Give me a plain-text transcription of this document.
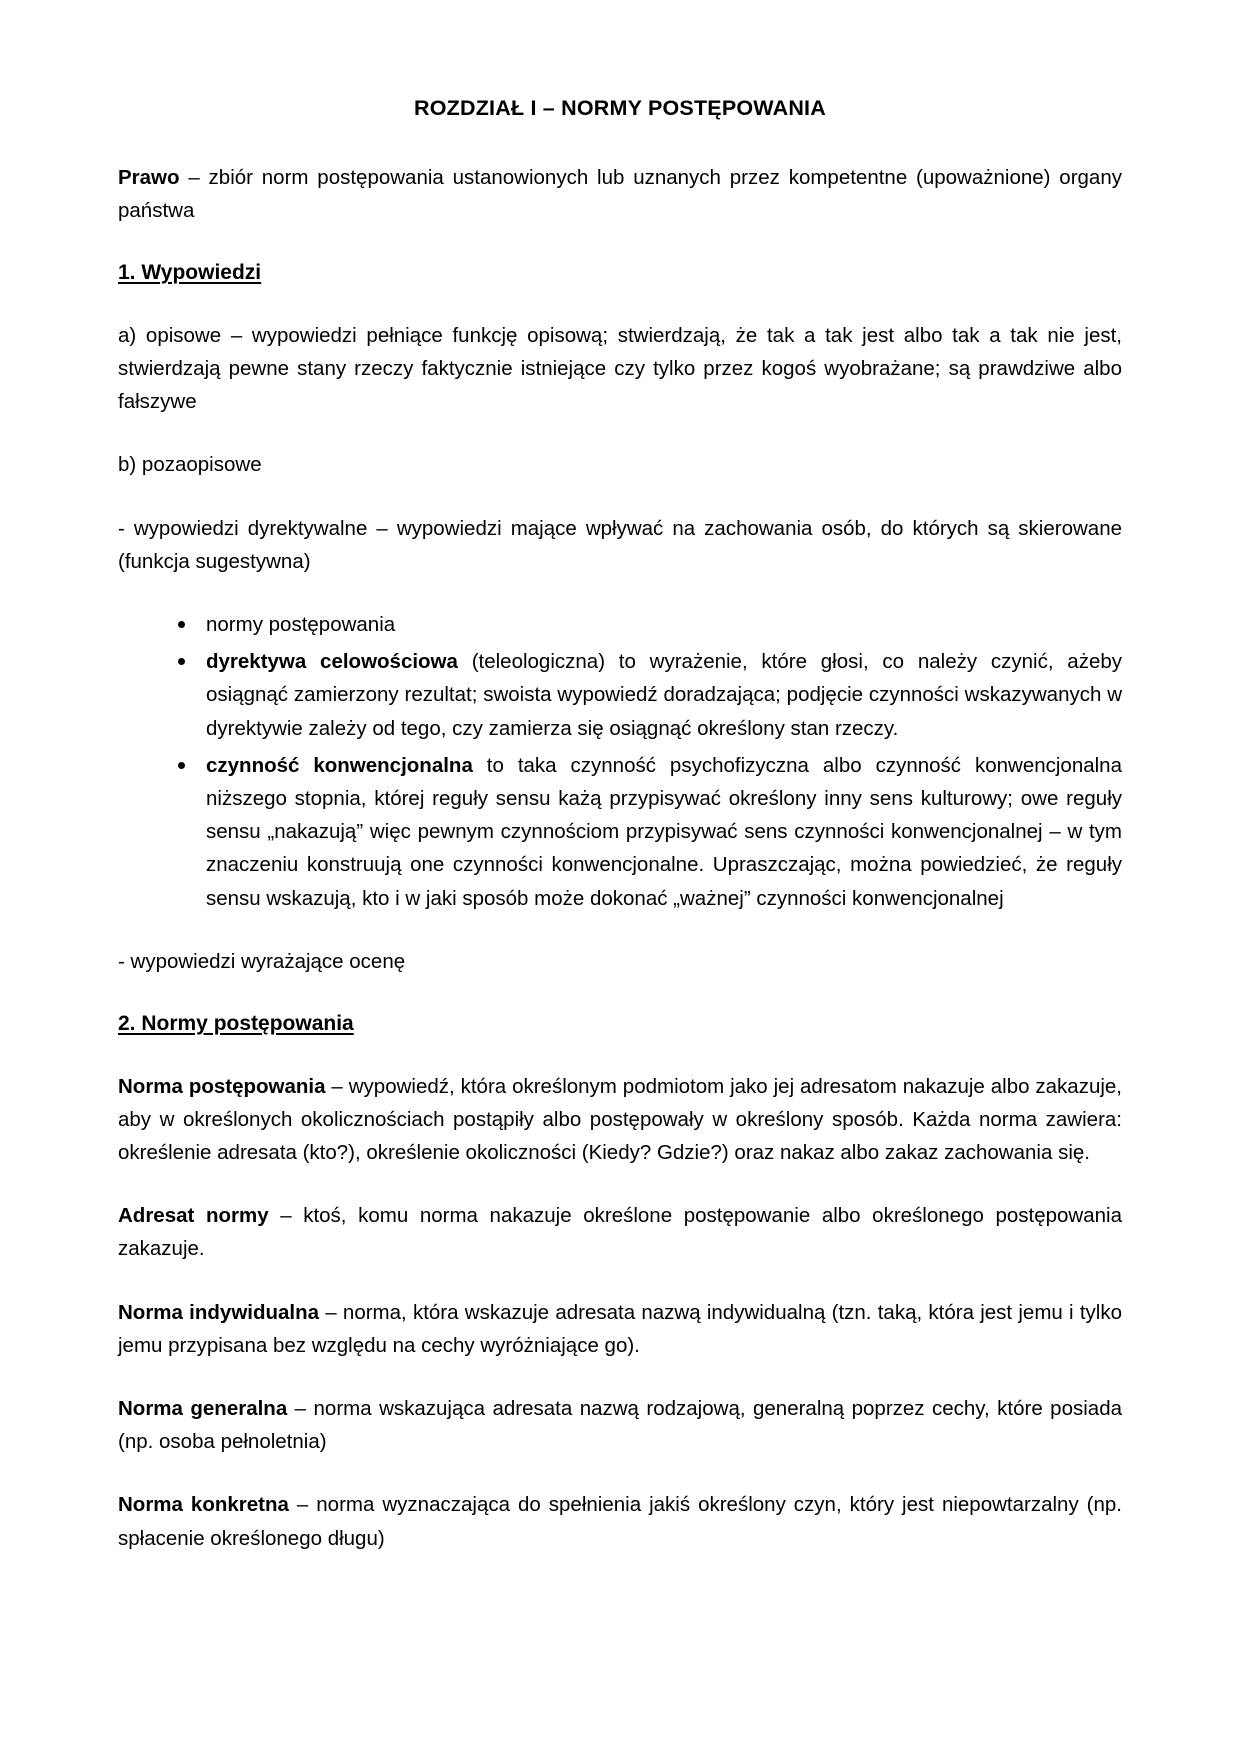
ROZDZIAŁ I – NORMY POSTĘPOWANIA

Prawo – zbiór norm postępowania ustanowionych lub uznanych przez kompetentne (upoważnione) organy państwa

1. Wypowiedzi

a) opisowe – wypowiedzi pełniące funkcję opisową; stwierdzają, że tak a tak jest albo tak a tak nie jest, stwierdzają pewne stany rzeczy faktycznie istniejące czy tylko przez kogoś wyobrażane; są prawdziwe albo fałszywe

b) pozaopisowe

- wypowiedzi dyrektywalne – wypowiedzi mające wpływać na zachowania osób, do których są skierowane (funkcja sugestywna)

normy postępowania
dyrektywa celowościowa (teleologiczna) to wyrażenie, które głosi, co należy czynić, ażeby osiągnąć zamierzony rezultat; swoista wypowiedź doradzająca; podjęcie czynności wskazywanych w dyrektywie zależy od tego, czy zamierza się osiągnąć określony stan rzeczy.
czynność konwencjonalna to taka czynność psychofizyczna albo czynność konwencjonalna niższego stopnia, której reguły sensu każą przypisywać określony inny sens kulturowy; owe reguły sensu „nakazują” więc pewnym czynnościom przypisywać sens czynności konwencjonalnej – w tym znaczeniu konstruują one czynności konwencjonalne. Upraszczając, można powiedzieć, że reguły sensu wskazują, kto i w jaki sposób może dokonać „ważnej” czynności konwencjonalnej

- wypowiedzi wyrażające ocenę

2. Normy postępowania

Norma postępowania – wypowiedź, która określonym podmiotom jako jej adresatom nakazuje albo zakazuje, aby w określonych okolicznościach postąpiły albo postępowały w określony sposób. Każda norma zawiera: określenie adresata (kto?), określenie okoliczności (Kiedy? Gdzie?) oraz nakaz albo zakaz zachowania się.

Adresat normy – ktoś, komu norma nakazuje określone postępowanie albo określonego postępowania zakazuje.

Norma indywidualna – norma, która wskazuje adresata nazwą indywidualną (tzn. taką, która jest jemu i tylko jemu przypisana bez względu na cechy wyróżniające go).

Norma generalna – norma wskazująca adresata nazwą rodzajową, generalną poprzez cechy, które posiada (np. osoba pełnoletnia)

Norma konkretna – norma wyznaczająca do spełnienia jakiś określony czyn, który jest niepowtarzalny (np. spłacenie określonego długu)
